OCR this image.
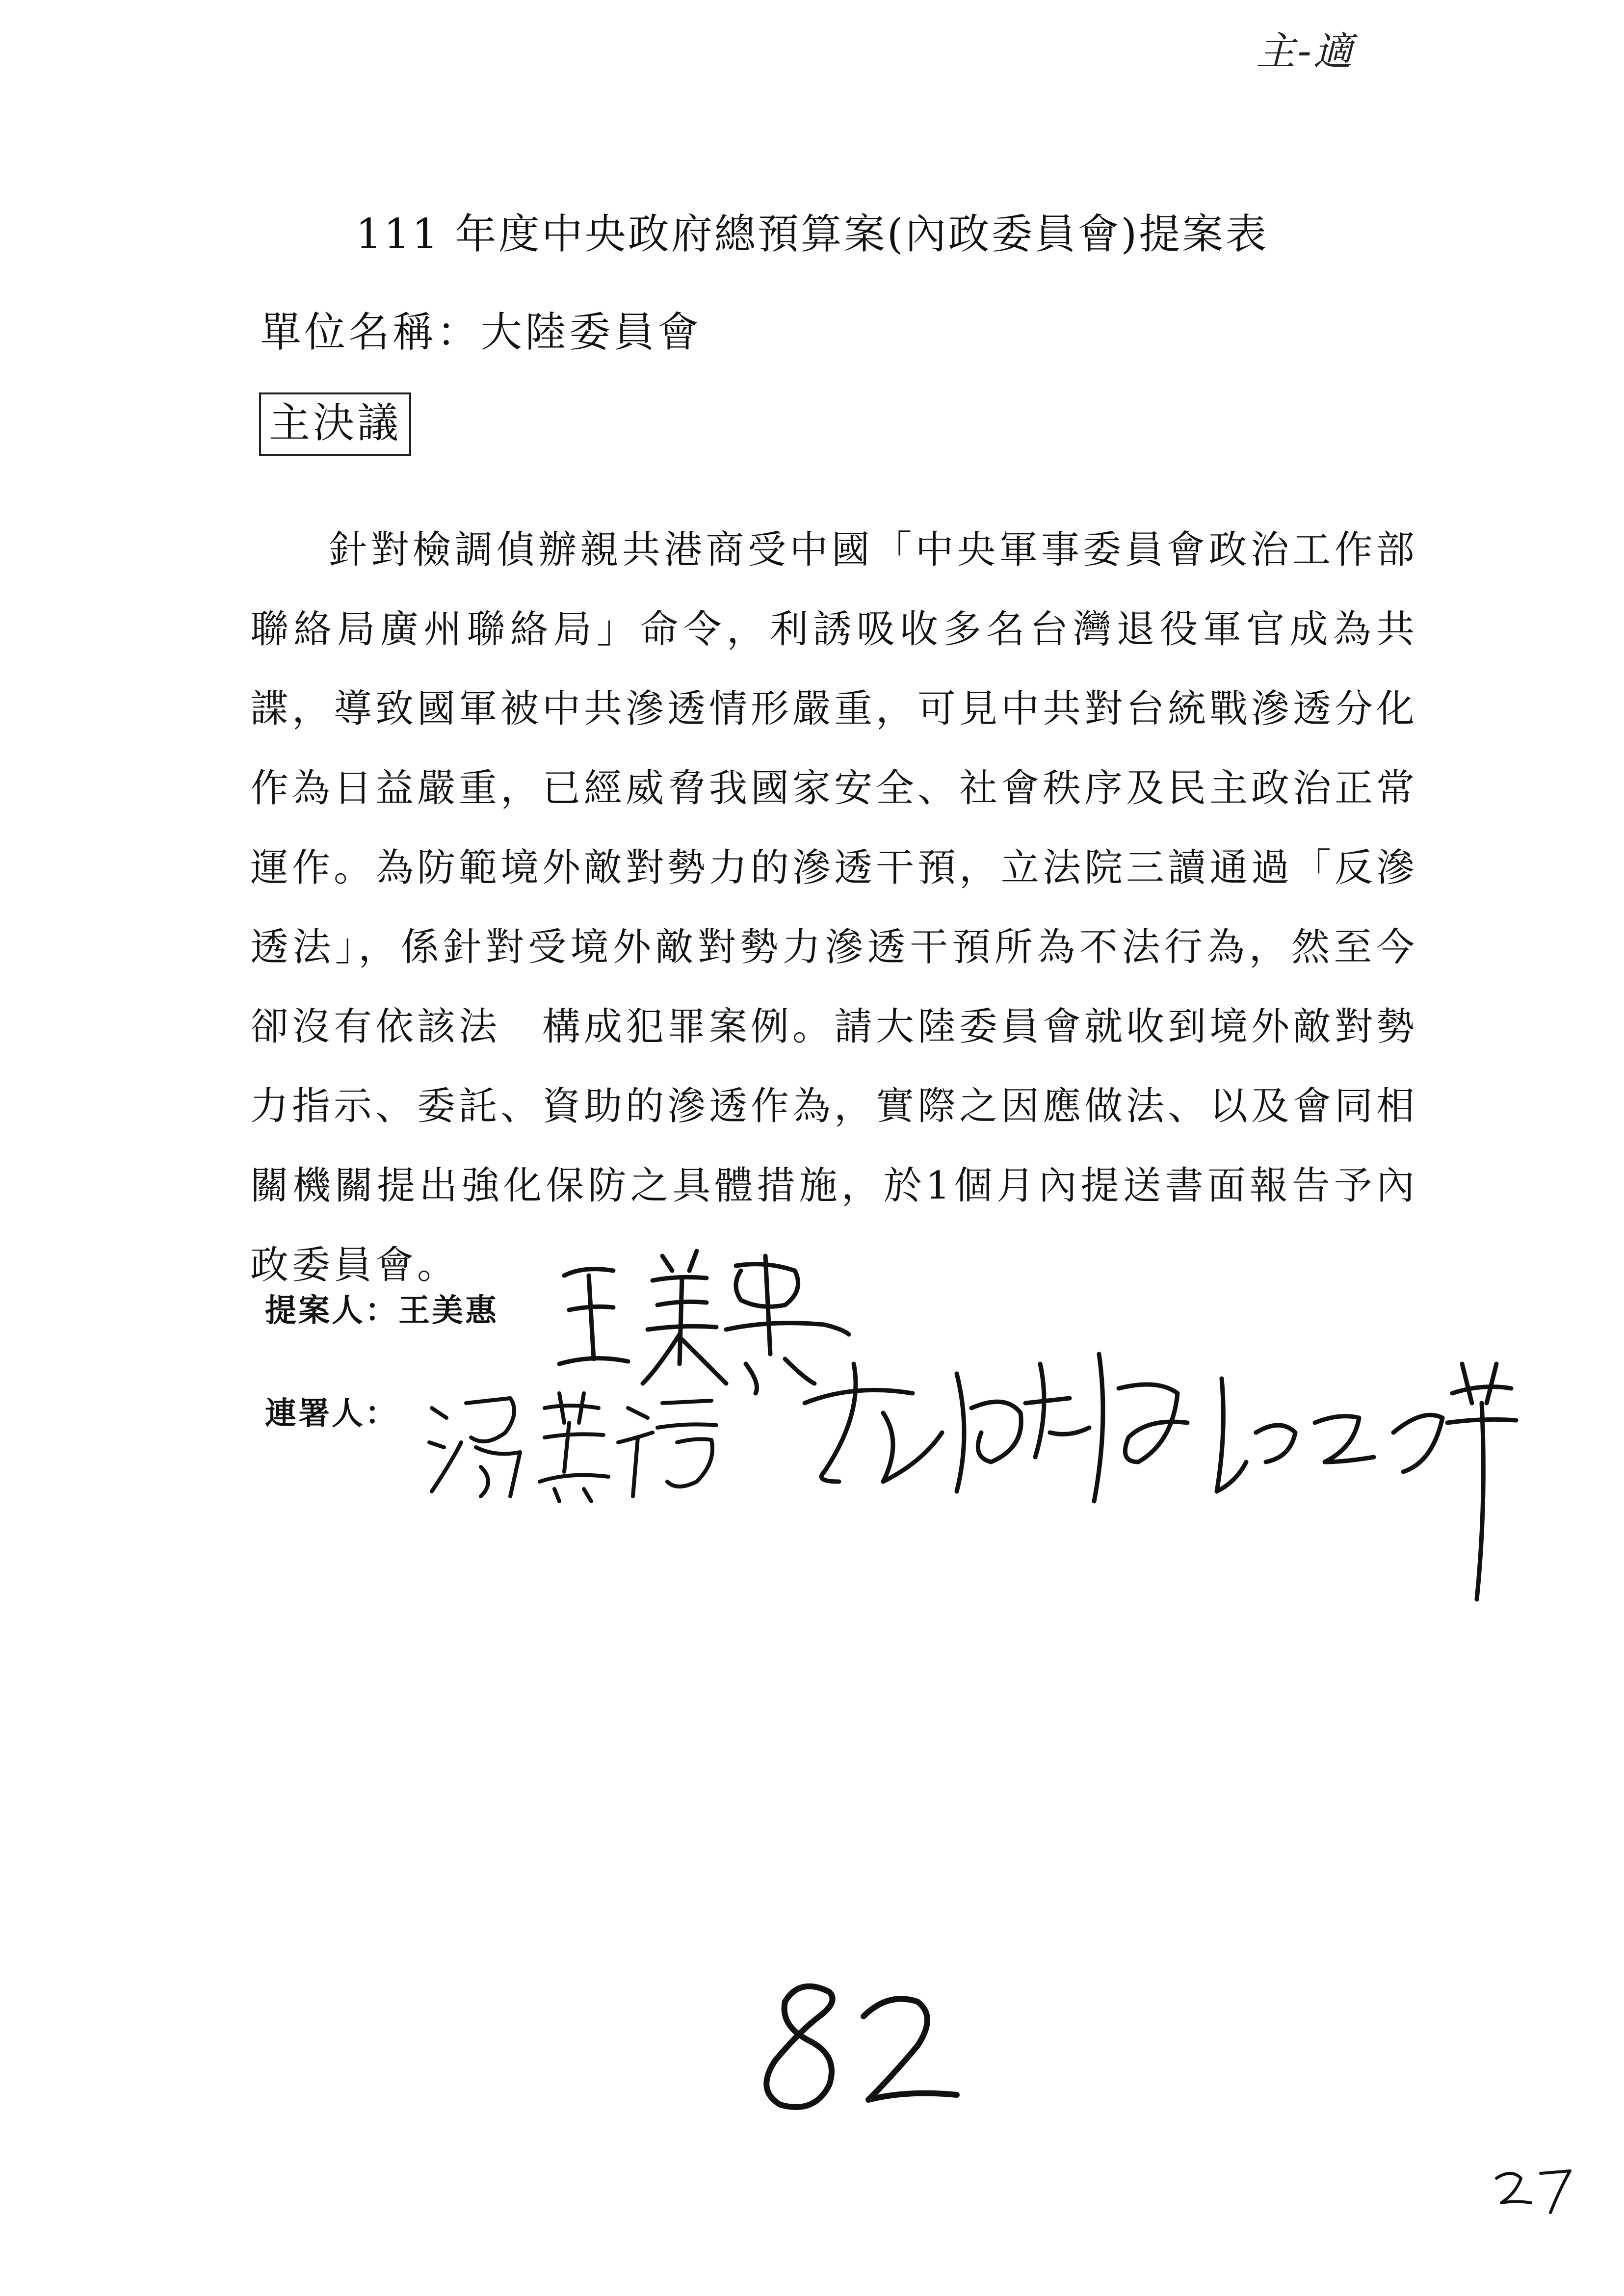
主-適
111 年度中央政府總預算案(內政委員會)提案表
單位名稱：大陸委員會
主決議
針對檢調偵辦親共港商受中國「中央軍事委員會政治工作部聯絡局廣州聯絡局」命令，利誘吸收多名台灣退役軍官成為共諜，導致國軍被中共滲透情形嚴重，可見中共對台統戰滲透分化作為日益嚴重，已經威脅我國家安全、社會秩序及民主政治正常運作。為防範境外敵對勢力的滲透干預，立法院三讀通過「反滲透法」，係針對受境外敵對勢力滲透干預所為不法行為，然至今卻沒有依該法　構成犯罪案例。請大陸委員會就收到境外敵對勢力指示、委託、資助的滲透作為，實際之因應做法、以及會同相關機關提出強化保防之具體措施，於1個月內提送書面報告予內政委員會。
提案人：王美惠
連署人：
82
27
